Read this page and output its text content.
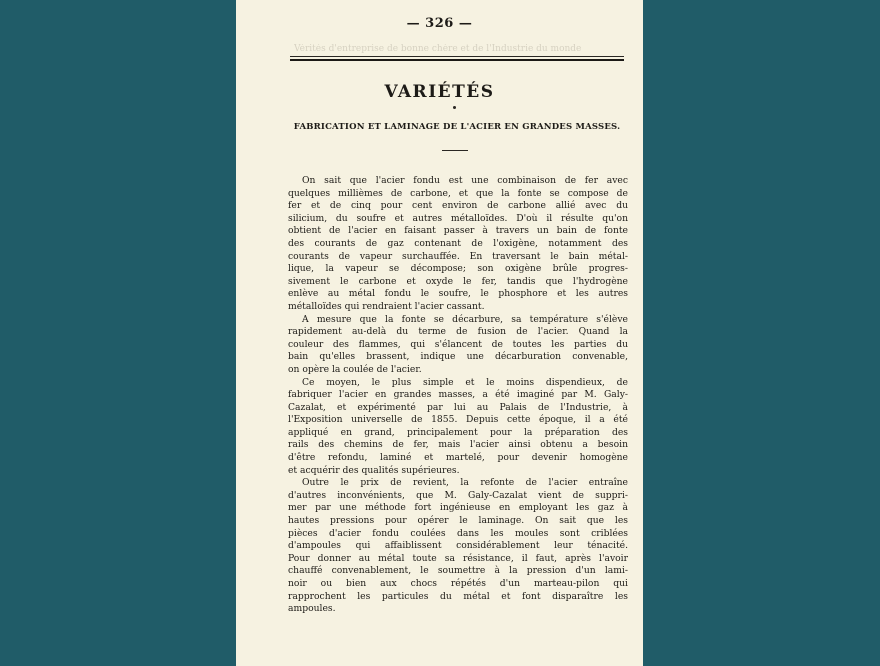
Vérités d'entreprise de bonne chère et de l'Industrie du monde
— 326 —
VARIÉTÉS
FABRICATION ET LAMINAGE DE L'ACIER EN GRANDES MASSES.
On sait que l'acier fondu est une combinaison de fer avec
quelques millièmes de carbone, et que la fonte se compose de
fer et de cinq pour cent environ de carbone allié avec du
silicium, du soufre et autres métalloïdes. D'où il résulte qu'on
obtient de l'acier en faisant passer à travers un bain de fonte
des courants de gaz contenant de l'oxigène, notamment des
courants de vapeur surchauffée. En traversant le bain métal-
lique, la vapeur se décompose; son oxigène brûle progres-
sivement le carbone et oxyde le fer, tandis que l'hydrogène
enlève au métal fondu le soufre, le phosphore et les autres
métalloïdes qui rendraient l'acier cassant.
A mesure que la fonte se décarbure, sa température s'élève
rapidement au-delà du terme de fusion de l'acier. Quand la
couleur des flammes, qui s'élancent de toutes les parties du
bain qu'elles brassent, indique une décarburation convenable,
on opère la coulée de l'acier.
Ce moyen, le plus simple et le moins dispendieux, de
fabriquer l'acier en grandes masses, a été imaginé par M. Galy-
Cazalat, et expérimenté par lui au Palais de l'Industrie, à
l'Exposition universelle de 1855. Depuis cette époque, il a été
appliqué en grand, principalement pour la préparation des
rails des chemins de fer, mais l'acier ainsi obtenu a besoin
d'être refondu, laminé et martelé, pour devenir homogène
et acquérir des qualités supérieures.
Outre le prix de revient, la refonte de l'acier entraîne
d'autres inconvénients, que M. Galy-Cazalat vient de suppri-
mer par une méthode fort ingénieuse en employant les gaz à
hautes pressions pour opérer le laminage. On sait que les
pièces d'acier fondu coulées dans les moules sont criblées
d'ampoules qui affaiblissent considérablement leur ténacité.
Pour donner au métal toute sa résistance, il faut, après l'avoir
chauffé convenablement, le soumettre à la pression d'un lami-
noir ou bien aux chocs répétés d'un marteau-pilon qui
rapprochent les particules du métal et font disparaître les
ampoules.
